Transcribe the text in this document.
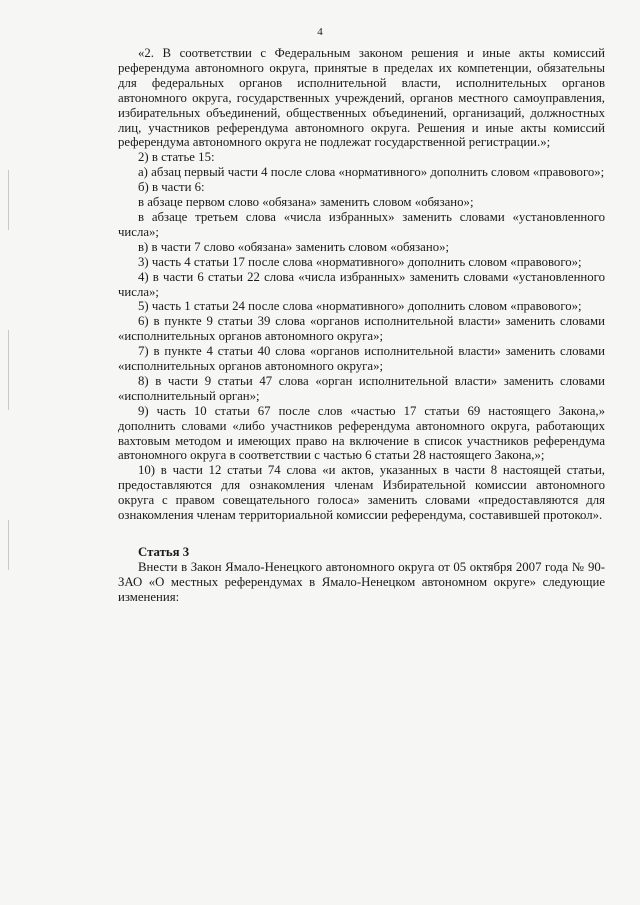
4

«2. В соответствии с Федеральным законом решения и иные акты комиссий референдума автономного округа, принятые в пределах их компетенции, обязательны для федеральных органов исполнительной власти, исполнительных органов автономного округа, государственных учреждений, органов местного самоуправления, избирательных объединений, общественных объединений, организаций, должностных лиц, участников референдума автономного округа. Решения и иные акты комиссий референдума автономного округа не подлежат государственной регистрации.»;

2) в статье 15:

а) абзац первый части 4 после слова «нормативного» дополнить словом «правового»;

б) в части 6:

в абзаце первом слово «обязана» заменить словом «обязано»;

в абзаце третьем слова «числа избранных» заменить словами «установленного числа»;

в) в части 7 слово «обязана» заменить словом «обязано»;

3) часть 4 статьи 17 после слова «нормативного» дополнить словом «правового»;

4) в части 6 статьи 22 слова «числа избранных» заменить словами «установленного числа»;

5) часть 1 статьи 24 после слова «нормативного» дополнить словом «правового»;

6) в пункте 9 статьи 39 слова «органов исполнительной власти» заменить словами «исполнительных органов автономного округа»;

7) в пункте 4 статьи 40 слова «органов исполнительной власти» заменить словами «исполнительных органов автономного округа»;

8) в части 9 статьи 47 слова «орган исполнительной власти» заменить словами «исполнительный орган»;

9) часть 10 статьи 67 после слов «частью 17 статьи 69 настоящего Закона,» дополнить словами «либо участников референдума автономного округа, работающих вахтовым методом и имеющих право на включение в список участников референдума автономного округа в соответствии с частью 6 статьи 28 настоящего Закона,»;

10) в части 12 статьи 74 слова «и актов, указанных в части 8 настоящей статьи, предоставляются для ознакомления членам Избирательной комиссии автономного округа с правом совещательного голоса» заменить словами «предоставляются для ознакомления членам территориальной комиссии референдума, составившей протокол».

Статья 3

Внести в Закон Ямало-Ненецкого автономного округа от 05 октября 2007 года № 90-ЗАО «О местных референдумах в Ямало-Ненецком автономном округе» следующие изменения:
